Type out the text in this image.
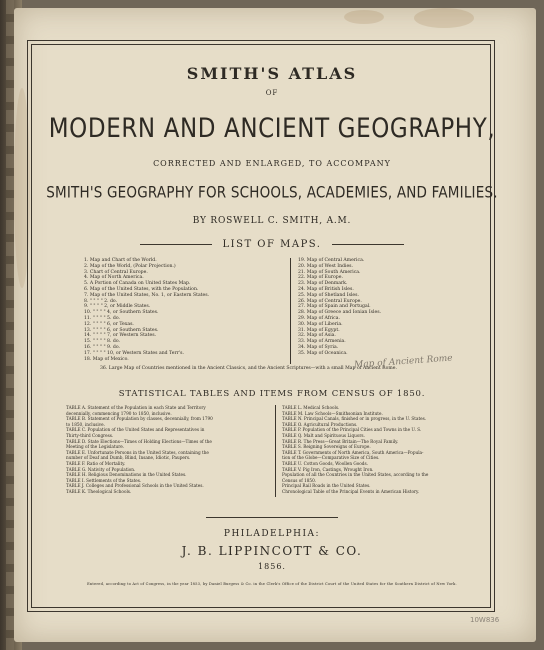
SMITH'S ATLAS
OF
MODERN AND ANCIENT GEOGRAPHY,
CORRECTED AND ENLARGED, TO ACCOMPANY
SMITH'S GEOGRAPHY FOR SCHOOLS, ACADEMIES, AND FAMILIES.
BY ROSWELL C. SMITH, A.M.
LIST OF MAPS.
1. Map and Chart of the World.
2. Map of the World, (Polar Projection.)
3. Chart of Central Europe.
4. Map of North America.
5. A Portion of Canada on United States Map.
6. Map of the United States, with the Population.
7. Map of the United States, No. 1, or Eastern States.
8. " " " " 2. do.
9. " " " " 2, or Middle States.
10. " " " " 4, or Southern States.
11. " " " " 5. do.
12. " " " " 6, or Texas.
13. " " " " 6, or Southern States.
14. " " " " 7, or Western States.
15. " " " " 8. do.
16. " " " " 9. do.
17. " " " " 10, or Western States and Terr's.
18. Map of Mexico.
19. Map of Central America.
20. Map of West Indies.
21. Map of South America.
22. Map of Europe.
23. Map of Denmark.
24. Map of British Isles.
25. Map of Shetland Isles.
26. Map of Central Europe.
27. Map of Spain and Portugal.
28. Map of Greece and Ionian Isles.
29. Map of Africa.
30. Map of Liberia.
31. Map of Egypt.
32. Map of Asia.
33. Map of Armenia.
34. Map of Syria.
35. Map of Oceanica.
36. Large Map of Countries mentioned in the Ancient Classics, and the Ancient Scriptures—with a small Map of Ancient Rome.
Map of Ancient Rome
STATISTICAL TABLES AND ITEMS FROM CENSUS OF 1850.
TABLE A. Statement of the Population in each State and Territory
decennially, commencing 1790 to 1850, inclusive.
TABLE B. Statement of Population by classes, decennially, from 1790
to 1850, inclusive.
TABLE C. Population of the United States and Representatives in
Thirty-third Congress.
TABLE D. State Elections—Times of Holding Elections—Times of the
Meeting of the Legislature.
TABLE E. Unfortunate Persons in the United States, containing the
number of Deaf and Dumb, Blind, Insane, Idiotic, Paupers.
TABLE F. Ratio of Mortality.
TABLE G. Nativity of Population.
TABLE H. Religious Denominations in the United States.
TABLE I. Settlements of the States.
TABLE J. Colleges and Professional Schools in the United States.
TABLE K. Theological Schools.
TABLE L. Medical Schools.
TABLE M. Law Schools—Smithsonian Institute.
TABLE N. Principal Canals, finished or in progress, in the U. States.
TABLE O. Agricultural Productions.
TABLE P. Population of the Principal Cities and Towns in the U. S.
TABLE Q. Malt and Spirituous Liquors.
TABLE R. The Press—Great Britain—The Royal Family.
TABLE S. Reigning Sovereigns of Europe.
TABLE T. Governments of North America, South America—Popula-
tion of the Globe—Comparative Size of Cities.
TABLE U. Cotton Goods, Woollen Goods.
TABLE V. Pig Iron, Castings, Wrought Iron.
Population of all the Countries in the United States, according to the
Census of 1850.
Principal Rail Roads in the United States.
Chronological Table of the Principal Events in American History.
PHILADELPHIA:
J. B. LIPPINCOTT & CO.
1856.
Entered, according to Act of Congress, in the year 1853, by Daniel Burgess & Co. in the Clerk's Office of the District Court of the United States for the Southern District of New York.
10W836
